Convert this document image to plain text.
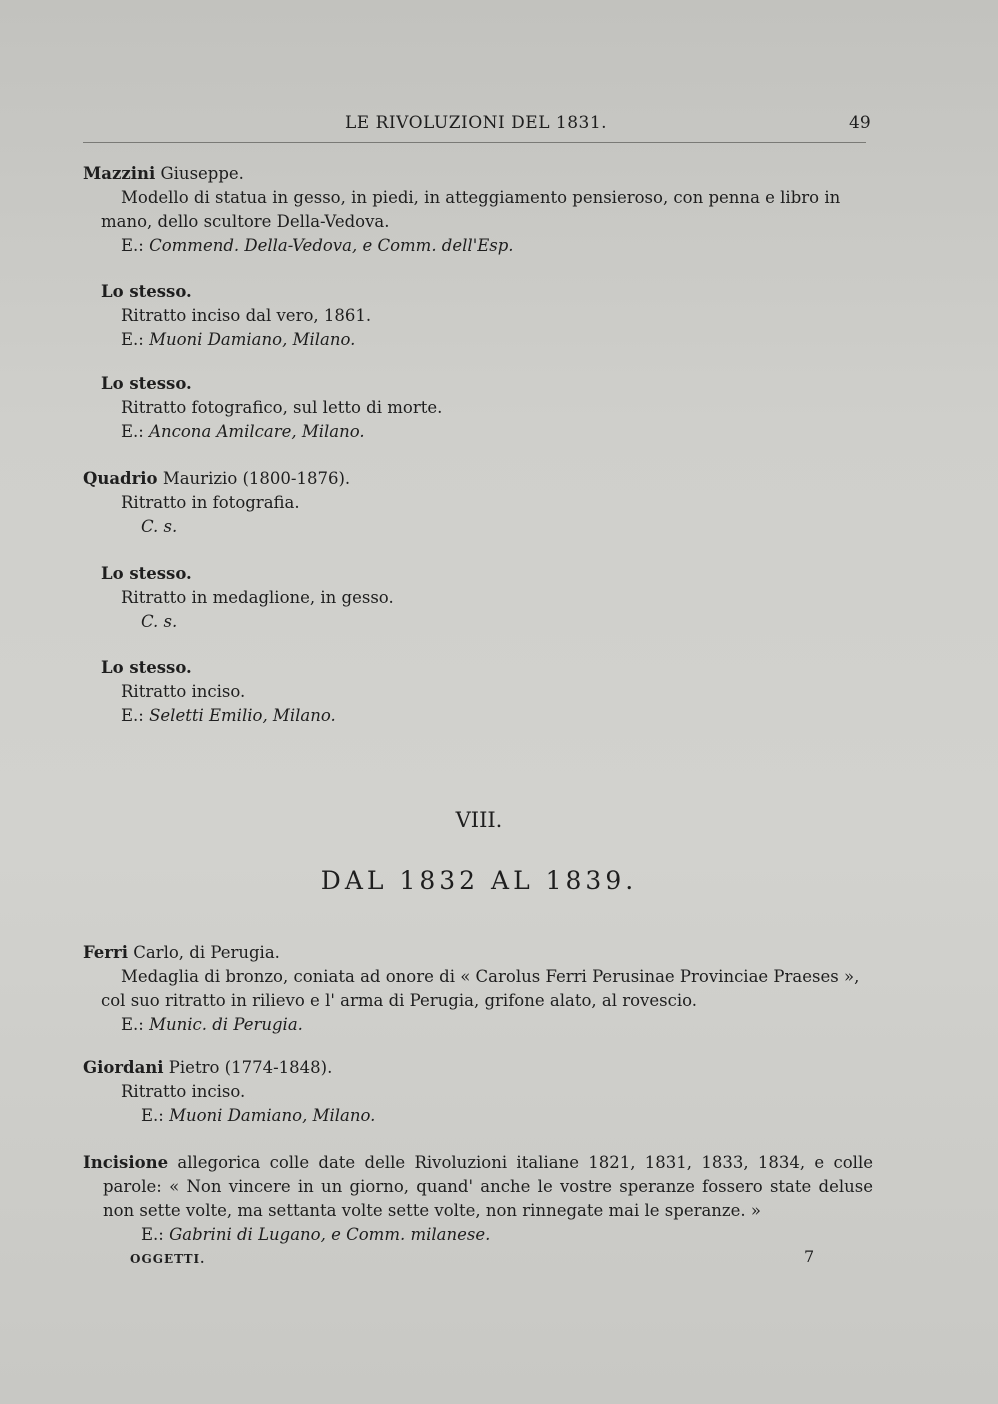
LE RIVOLUZIONI DEL 1831.	49

Mazzini Giuseppe.

Modello di statua in gesso, in piedi, in atteggiamento pensieroso, con penna e libro in

mano, dello scultore Della-Vedova.

E.: Commend. Della-Vedova, e Comm. dell'Esp.

Lo stesso.

Ritratto inciso dal vero, 1861.

E.: Muoni Damiano, Milano.

Lo stesso.

Ritratto fotografico, sul letto di morte.

E.: Ancona Amilcare, Milano.

Quadrio Maurizio (1800-1876).

Ritratto in fotografia.

C. s.

Lo stesso.

Ritratto in medaglione, in gesso.

C. s.

Lo stesso.

Ritratto inciso.

E.: Seletti Emilio, Milano.

VIII.
DAL 1832 AL 1839.

Ferri Carlo, di Perugia.

Medaglia di bronzo, coniata ad onore di « Carolus Ferri Perusinae Provinciae Praeses »,

col suo ritratto in rilievo e l' arma di Perugia, grifone alato, al rovescio.

E.: Munic. di Perugia.

Giordani Pietro (1774-1848).

Ritratto inciso.

E.: Muoni Damiano, Milano.

Incisione allegorica colle date delle Rivoluzioni italiane 1821, 1831, 1833, 1834, e colle parole: « Non vincere in un giorno, quand' anche le vostre speranze fossero state deluse non sette volte, ma settanta volte sette volte, non rinnegate mai le speranze. »

E.: Gabrini di Lugano, e Comm. milanese.

OGGETTI.	7
